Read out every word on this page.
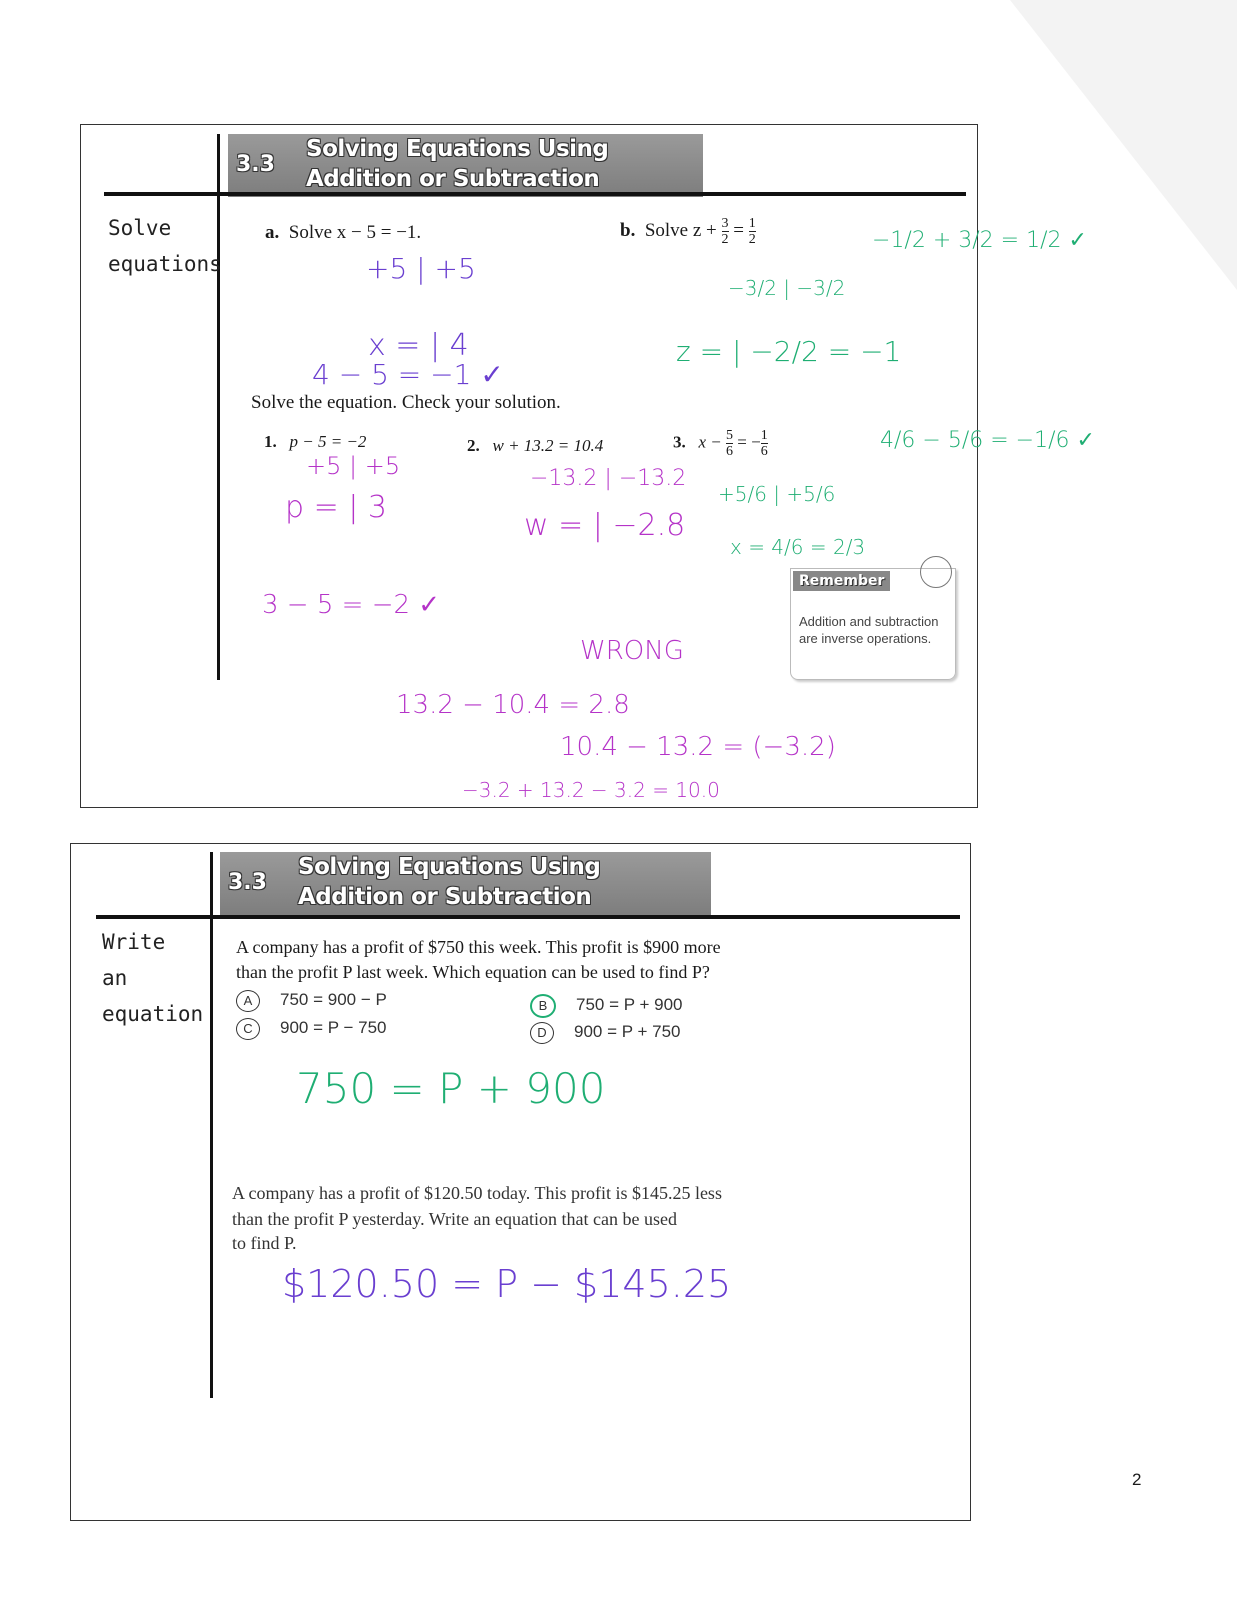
3.3
Solving Equations Using
Addition or Subtraction
Solve
equations
a. Solve x − 5 = −1.	b. Solve $z + \frac{3}{2} = \frac{1}{2}$
Solve the equation. Check your solution.
1. p − 5 = −2	2. w + 13.2 = 10.4	3. $x - \frac{5}{6}$ = − $\frac{1}{6}$
Remember
Addition and subtraction are inverse operations.
+5 | +5
x = | 4
4 − 5 = −1 ✓
−3/2 | −3/2
z = | −2/2 = −1
−1/2 + 3/2 = 1/2 ✓
+5 | +5
p = | 3
3 − 5 = −2 ✓
−13.2 | −13.2
w = | −2.8
13.2 − 10.4 = 2.8
WRONG
10.4 − 13.2 = (−3.2)
−3.2 + 13.2 − 3.2 = 10.0
+5/6 | +5/6
x = 4/6 = 2/3
4/6 − 5/6 = −1/6 ✓
3.3
Solving Equations Using
Addition or Subtraction
Write
an
equation
A company has a profit of $750 this week. This profit is $900 more
than the profit P last week. Which equation can be used to find P?
A 750 = 900 − P	B 750 = P + 900
C 900 = P − 750	D 900 = P + 750
750 = P + 900
A company has a profit of $120.50 today. This profit is $145.25 less
than the profit P yesterday. Write an equation that can be used
to find P.
$120.50 = P − $145.25
2
